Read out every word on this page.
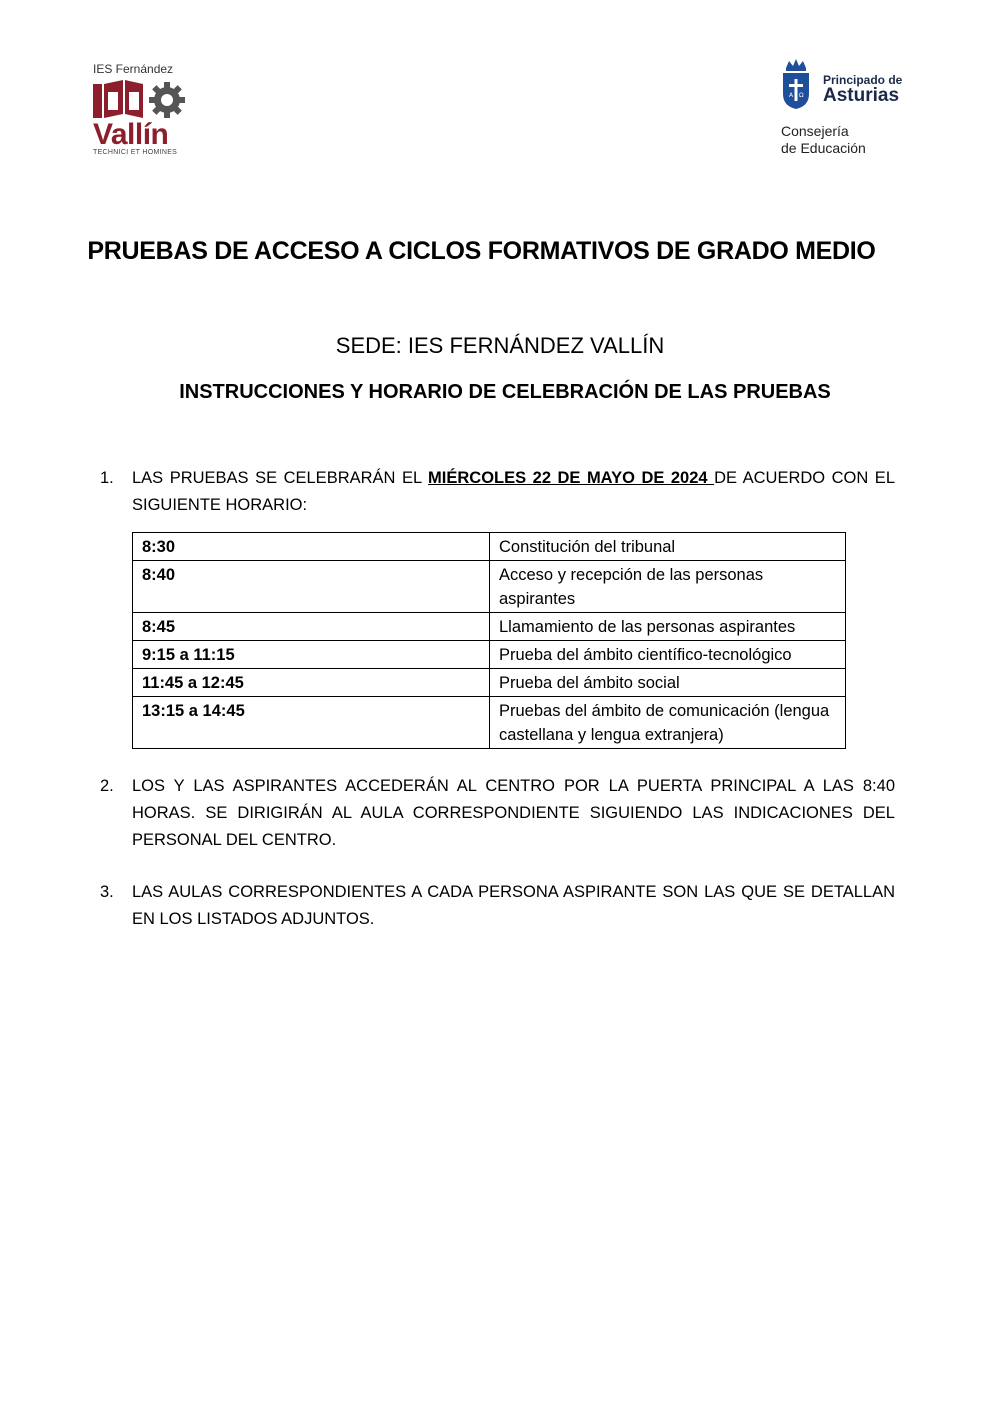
IES Fernández
Vallín
TECHNICI ET HOMINES
A Ω
Principado de
Asturias
Consejería
de Educación
PRUEBAS DE ACCESO A CICLOS FORMATIVOS DE GRADO MEDIO
SEDE: IES FERNÁNDEZ VALLÍN
INSTRUCCIONES Y HORARIO DE CELEBRACIÓN DE LAS PRUEBAS
1. LAS PRUEBAS SE CELEBRARÁN EL MIÉRCOLES 22 DE MAYO DE 2024 DE ACUERDO CON EL SIGUIENTE HORARIO:
8:30	Constitución del tribunal
8:40	Acceso y recepción de las personas aspirantes
8:45	Llamamiento de las personas aspirantes
9:15 a 11:15	Prueba del ámbito científico-tecnológico
11:45 a 12:45	Prueba del ámbito social
13:15 a 14:45	Pruebas del ámbito de comunicación (lengua castellana y lengua extranjera)
2. LOS Y LAS ASPIRANTES ACCEDERÁN AL CENTRO POR LA PUERTA PRINCIPAL A LAS 8:40 HORAS. SE DIRIGIRÁN AL AULA CORRESPONDIENTE SIGUIENDO LAS INDICACIONES DEL PERSONAL DEL CENTRO.
3. LAS AULAS CORRESPONDIENTES A CADA PERSONA ASPIRANTE SON LAS QUE SE DETALLAN EN LOS LISTADOS ADJUNTOS.
